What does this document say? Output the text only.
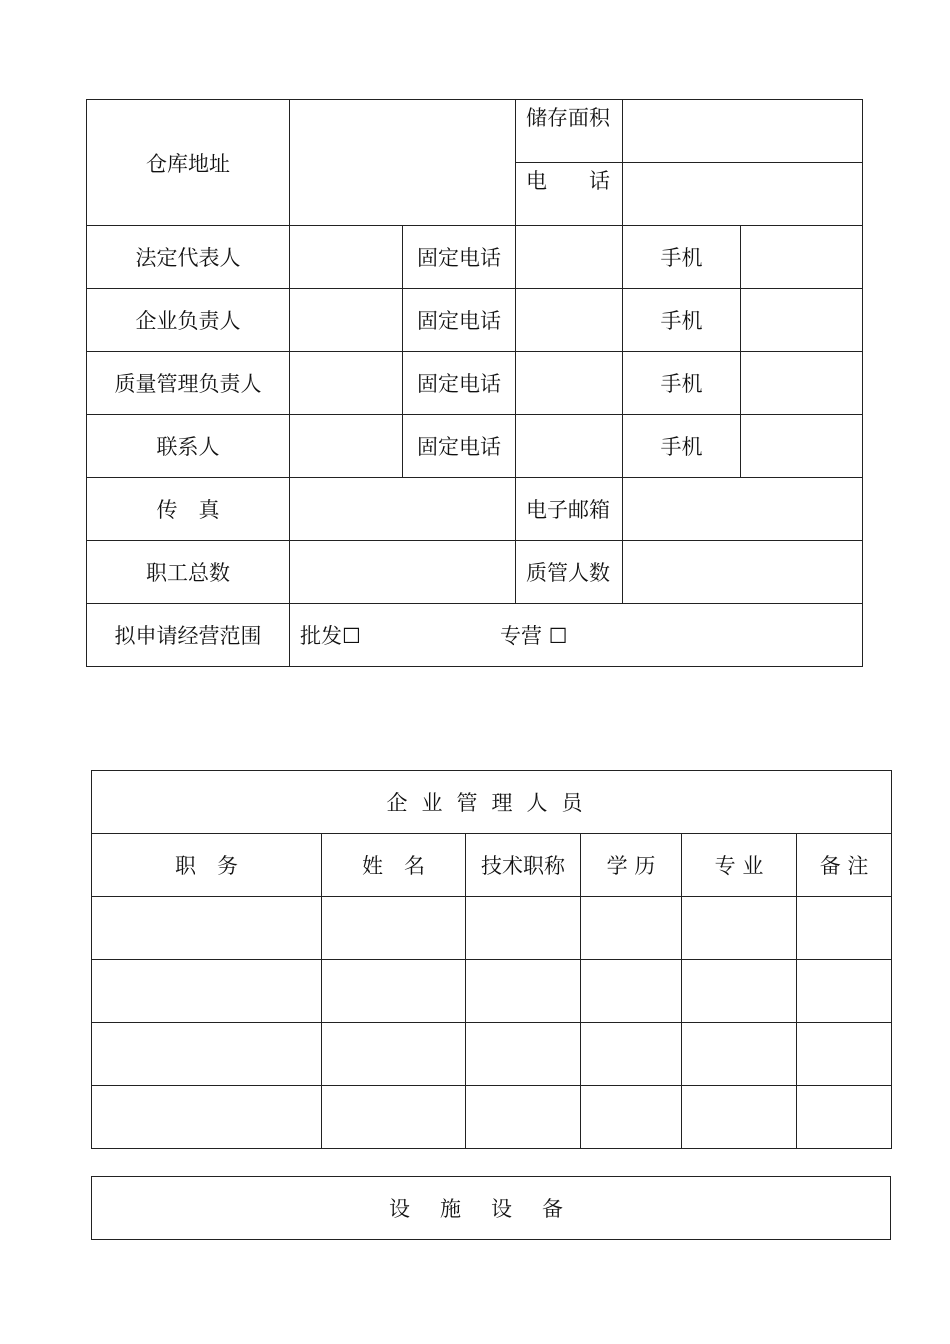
仓库地址			储存面积		
			电　　话		
法定代表人		固定电话		手机	
企业负责人		固定电话		手机	
质量管理负责人		固定电话		手机	
联系人		固定电话		手机	
传　真			电子邮箱		
职工总数			质管人数		
拟申请经营范围	批发☐ 专营 ☐				
企业管理人员					
职　务	姓　名	技术职称	学 历	专 业	备 注

设施设备
